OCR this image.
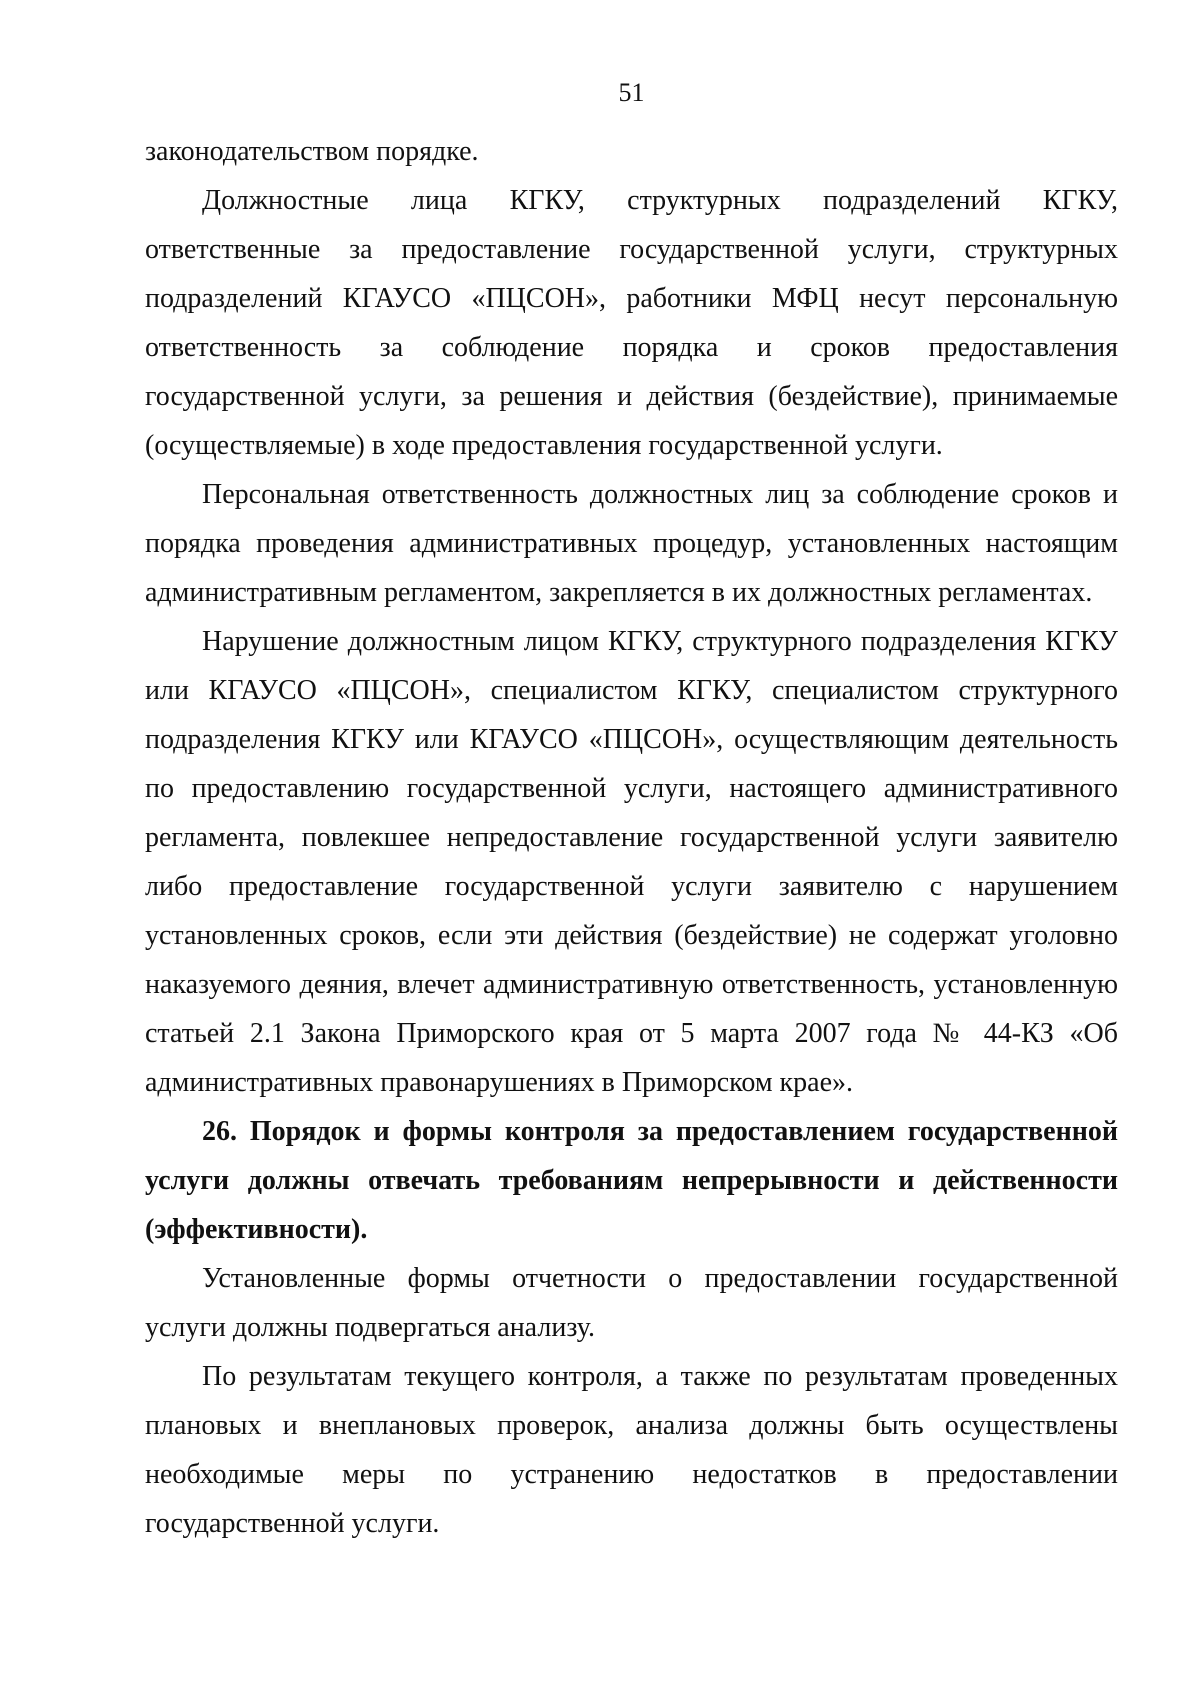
51

законодательством порядке.

Должностные лица КГКУ, структурных подразделений КГКУ, ответственные за предоставление государственной услуги, структурных подразделений КГАУСО «ПЦСОН», работники МФЦ несут персональную ответственность за соблюдение порядка и сроков предоставления государственной услуги, за решения и действия (бездействие), принимаемые (осуществляемые) в ходе предоставления государственной услуги.

Персональная ответственность должностных лиц за соблюдение сроков и порядка проведения административных процедур, установленных настоящим административным регламентом, закрепляется в их должностных регламентах.

Нарушение должностным лицом КГКУ, структурного подразделения КГКУ или КГАУСО «ПЦСОН», специалистом КГКУ, специалистом структурного подразделения КГКУ или КГАУСО «ПЦСОН», осуществляющим деятельность по предоставлению государственной услуги, настоящего административного регламента, повлекшее непредоставление государственной услуги заявителю либо предоставление государственной услуги заявителю с нарушением установленных сроков, если эти действия (бездействие) не содержат уголовно наказуемого деяния, влечет административную ответственность, установленную статьей 2.1 Закона Приморского края от 5 марта 2007 года № 44-КЗ «Об административных правонарушениях в Приморском крае».

26. Порядок и формы контроля за предоставлением государственной услуги должны отвечать требованиям непрерывности и действенности (эффективности).

Установленные формы отчетности о предоставлении государственной услуги должны подвергаться анализу.

По результатам текущего контроля, а также по результатам проведенных плановых и внеплановых проверок, анализа должны быть осуществлены необходимые меры по устранению недостатков в предоставлении государственной услуги.
